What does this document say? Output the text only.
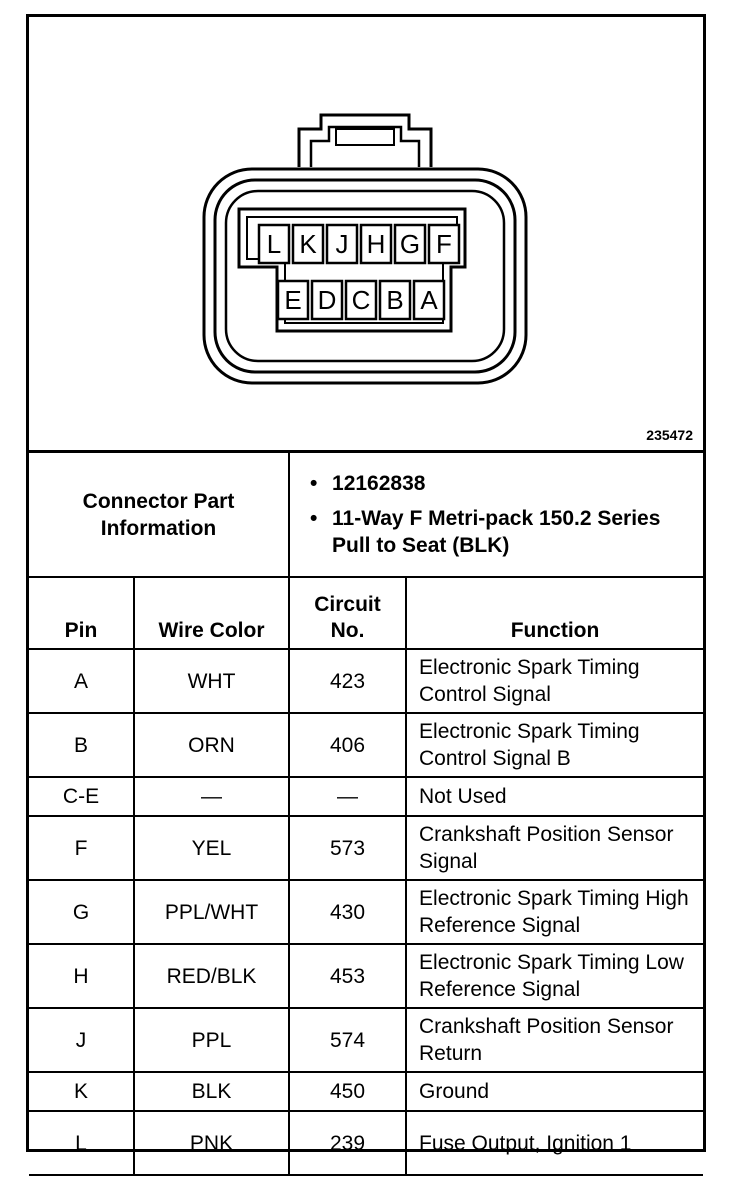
L K J H G F
E D C B A
235472
Connector Part Information		• 12162838
• 11-Way F Metri-pack 150.2 Series Pull to Seat (BLK)

Pin	Wire Color	Circuit No.	Function
A	WHT	423	Electronic Spark Timing Control Signal
B	ORN	406	Electronic Spark Timing Control Signal B
C-E	—	—	Not Used
F	YEL	573	Crankshaft Position Sensor Signal
G	PPL/WHT	430	Electronic Spark Timing High Reference Signal
H	RED/BLK	453	Electronic Spark Timing Low Reference Signal
J	PPL	574	Crankshaft Position Sensor Return
K	BLK	450	Ground
L	PNK	239	Fuse Output, Ignition 1
